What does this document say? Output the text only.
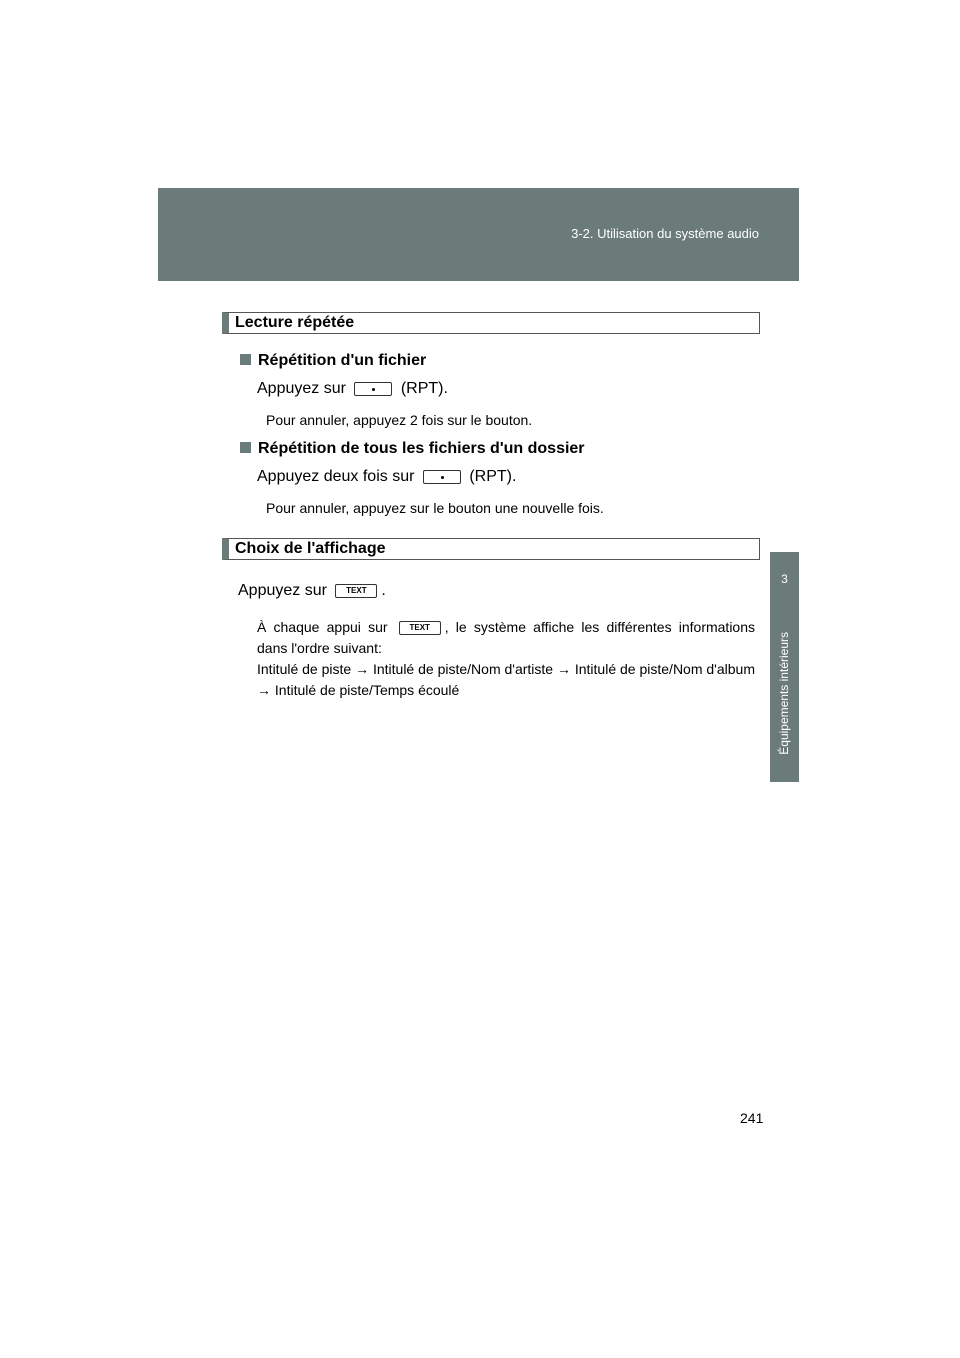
3-2. Utilisation du système audio
3
Équipements intérieurs
Lecture répétée
Répétition d'un fichier
Appuyez sur	(RPT).
Pour annuler, appuyez 2 fois sur le bouton.
Répétition de tous les fichiers d'un dossier
Appuyez deux fois sur	(RPT).
Pour annuler, appuyez sur le bouton une nouvelle fois.
Choix de l'affichage
Appuyez sur TEXT .
À chaque appui sur	TEXT , le système affiche les différentes informations dans l'ordre suivant:
Intitulé de piste → Intitulé de piste/Nom d'artiste → Intitulé de piste/Nom d'album → Intitulé de piste/Temps écoulé
241
